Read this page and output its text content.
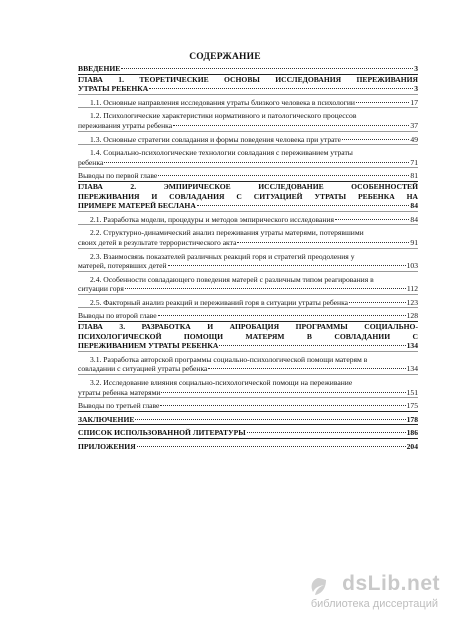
СОДЕРЖАНИЕ
ВВЕДЕНИЕ	3
ГЛАВА 1. ТЕОРЕТИЧЕСКИЕ ОСНОВЫ ИССЛЕДОВАНИЯ ПЕРЕЖИВАНИЯ
УТРАТЫ РЕБЕНКА	3
1.1. Основные направления исследования утраты близкого человека в психологии	17
1.2. Психологические характеристики нормативного и патологического процессов
переживания утраты ребенка	37
1.3. Основные стратегии совладания и формы поведения человека при утрате	49
1.4. Социально-психологические технологии совладания с переживанием утраты
ребенка	71
Выводы по первой главе	81
ГЛАВА 2. ЭМПИРИЧЕСКОЕ ИССЛЕДОВАНИЕ ОСОБЕННОСТЕЙ
ПЕРЕЖИВАНИЯ И СОВЛАДАНИЯ С СИТУАЦИЕЙ УТРАТЫ РЕБЕНКА НА
ПРИМЕРЕ МАТЕРЕЙ БЕСЛАНА	84
2.1. Разработка модели, процедуры и методов эмпирического исследования	84
2.2. Структурно-динамический анализ переживания утраты матерями, потерявшими
своих детей в результате террористического акта	91
2.3. Взаимосвязь показателей различных реакций горя и стратегий преодоления у
матерей, потерявших детей	103
2.4. Особенности совладающего поведения матерей с различным типом реагирования в
ситуации горя	112
2.5. Факторный анализ реакций и переживаний горя в ситуации утраты ребенка	123
Выводы по второй главе	128
ГЛАВА 3. РАЗРАБОТКА И АПРОБАЦИЯ ПРОГРАММЫ СОЦИАЛЬНО-
ПСИХОЛОГИЧЕСКОЙ ПОМОЩИ МАТЕРЯМ В СОВЛАДАНИИ С
ПЕРЕЖИВАНИЕМ УТРАТЫ РЕБЕНКА	134
3.1. Разработка авторской программы социально-психологической помощи матерям в
совладании с ситуацией утраты ребенка	134
3.2. Исследование влияния социально-психологической помощи на переживание
утраты ребенка матерями	151
Выводы по третьей главе	175
ЗАКЛЮЧЕНИЕ	178
СПИСОК ИСПОЛЬЗОВАННОЙ ЛИТЕРАТУРЫ	186
ПРИЛОЖЕНИЯ	204
dsLib.net
библиотека диссертаций
